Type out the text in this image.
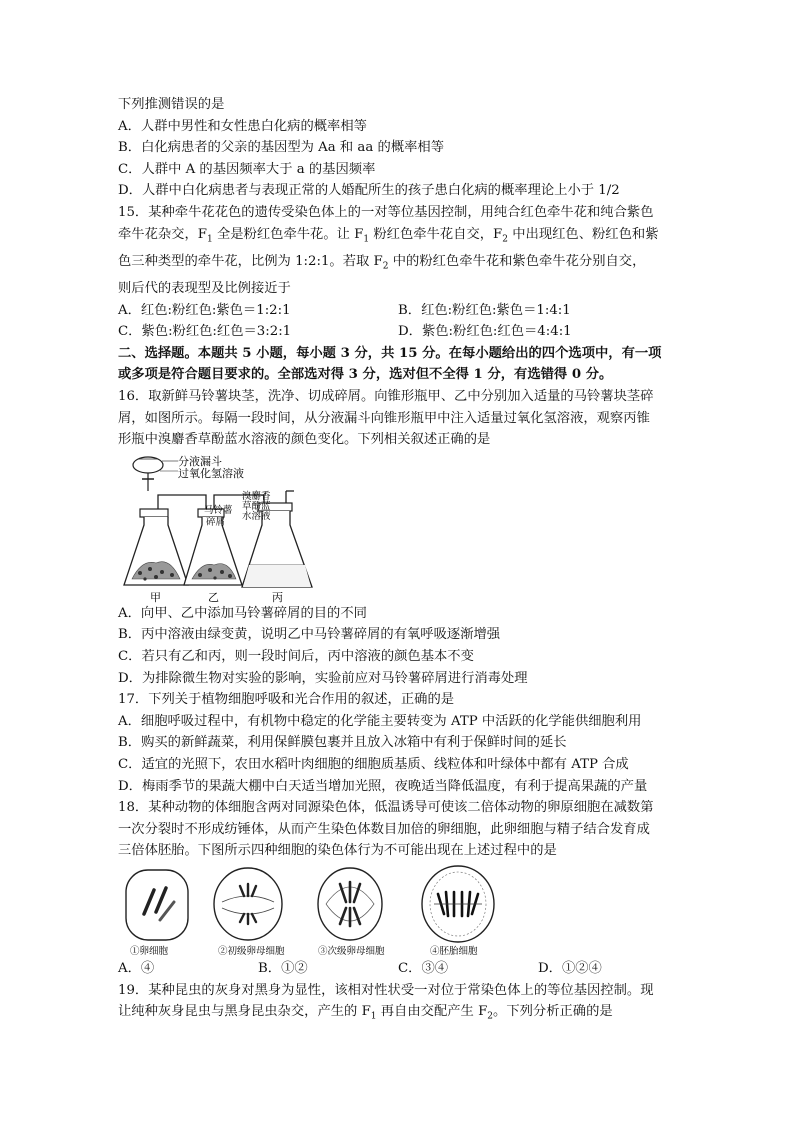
下列推测错误的是
A．人群中男性和女性患白化病的概率相等
B．白化病患者的父亲的基因型为 Aa 和 aa 的概率相等
C．人群中 A 的基因频率大于 a 的基因频率
D．人群中白化病患者与表现正常的人婚配所生的孩子患白化病的概率理论上小于 1/2
15．某种牵牛花花色的遗传受染色体上的一对等位基因控制，用纯合红色牵牛花和纯合紫色
牵牛花杂交，$F_1$ 全是粉红色牵牛花。让 $F_1$ 粉红色牵牛花自交，$F_2$ 中出现红色、粉红色和紫
色三种类型的牵牛花，比例为 1:2:1。若取 $F_2$ 中的粉红色牵牛花和紫色牵牛花分别自交，
则后代的表现型及比例接近于
A．红色:粉红色:紫色＝1:2:1	B．红色:粉红色:紫色＝1:4:1
C．紫色:粉红色:红色＝3:2:1	D．紫色:粉红色:红色＝4:4:1
二、选择题。本题共 5 小题，每小题 3 分，共 15 分。在每小题给出的四个选项中，有一项
或多项是符合题目要求的。全部选对得 3 分，选对但不全得 1 分，有选错得 0 分。
16．取新鲜马铃薯块茎，洗净、切成碎屑。向锥形瓶甲、乙中分别加入适量的马铃薯块茎碎
屑，如图所示。每隔一段时间，从分液漏斗向锥形瓶甲中注入适量过氧化氢溶液，观察丙锥
形瓶中溴麝香草酚蓝水溶液的颜色变化。下列相关叙述正确的是
分液漏斗
过氧化氢溶液
马铃薯
碎屑
溴麝香
草酚蓝
水溶液
甲	乙	丙
A．向甲、乙中添加马铃薯碎屑的目的不同
B．丙中溶液由绿变黄，说明乙中马铃薯碎屑的有氧呼吸逐渐增强
C．若只有乙和丙，则一段时间后，丙中溶液的颜色基本不变
D．为排除微生物对实验的影响，实验前应对马铃薯碎屑进行消毒处理
17．下列关于植物细胞呼吸和光合作用的叙述，正确的是
A．细胞呼吸过程中，有机物中稳定的化学能主要转变为 ATP 中活跃的化学能供细胞利用
B．购买的新鲜蔬菜，利用保鲜膜包裹并且放入冰箱中有利于保鲜时间的延长
C．适宜的光照下，农田水稻叶肉细胞的细胞质基质、线粒体和叶绿体中都有 ATP 合成
D．梅雨季节的果蔬大棚中白天适当增加光照，夜晚适当降低温度，有利于提高果蔬的产量
18．某种动物的体细胞含两对同源染色体，低温诱导可使该二倍体动物的卵原细胞在减数第
一次分裂时不形成纺锤体，从而产生染色体数目加倍的卵细胞，此卵细胞与精子结合发育成
三倍体胚胎。下图所示四种细胞的染色体行为不可能出现在上述过程中的是
①卵细胞	②初级卵母细胞	③次级卵母细胞	④胚胎细胞
A．④	B．①②	C．③④	D．①②④
19．某种昆虫的灰身对黑身为显性，该相对性状受一对位于常染色体上的等位基因控制。现
让纯种灰身昆虫与黑身昆虫杂交，产生的 $F_1$ 再自由交配产生 $F_2$。下列分析正确的是
